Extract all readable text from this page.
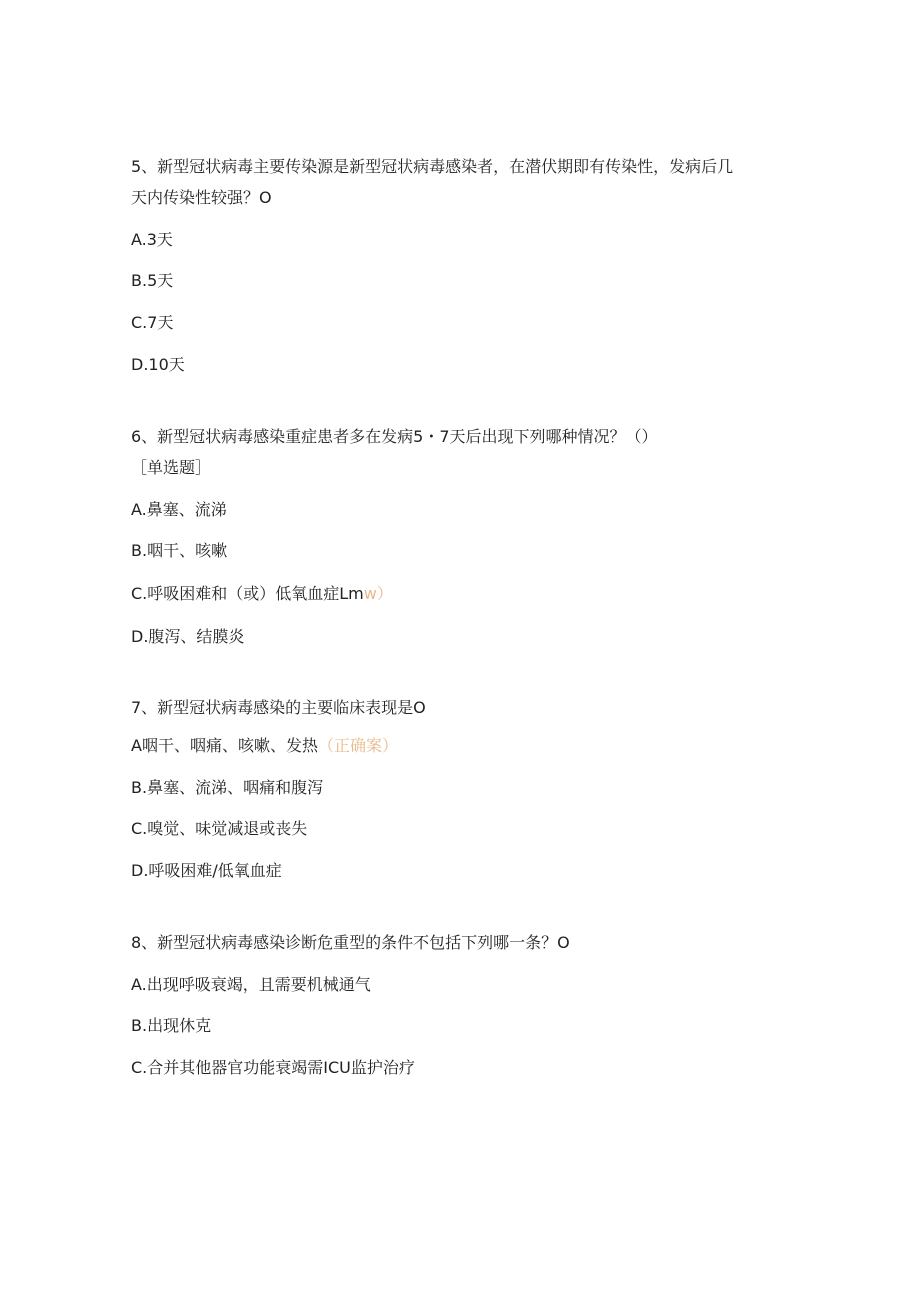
5、新型冠状病毒主要传染源是新型冠状病毒感染者，在潜伏期即有传染性，发病后几
天内传染性较强？O
A.3天
B.5天
C.7天
D.10天
6、新型冠状病毒感染重症患者多在发病5・7天后出现下列哪种情况？（）
［单选题］
A.鼻塞、流涕
B.咽干、咳嗽
C.呼吸困难和（或）低氧血症Lmw）
D.腹泻、结膜炎
7、新型冠状病毒感染的主要临床表现是O
A咽干、咽痛、咳嗽、发热（正确案）
B.鼻塞、流涕、咽痛和腹泻
C.嗅觉、味觉减退或丧失
D.呼吸困难/低氧血症
8、新型冠状病毒感染诊断危重型的条件不包括下列哪一条？O
A.出现呼吸衰竭，且需要机械通气
B.出现休克
C.合并其他器官功能衰竭需ICU监护治疗
